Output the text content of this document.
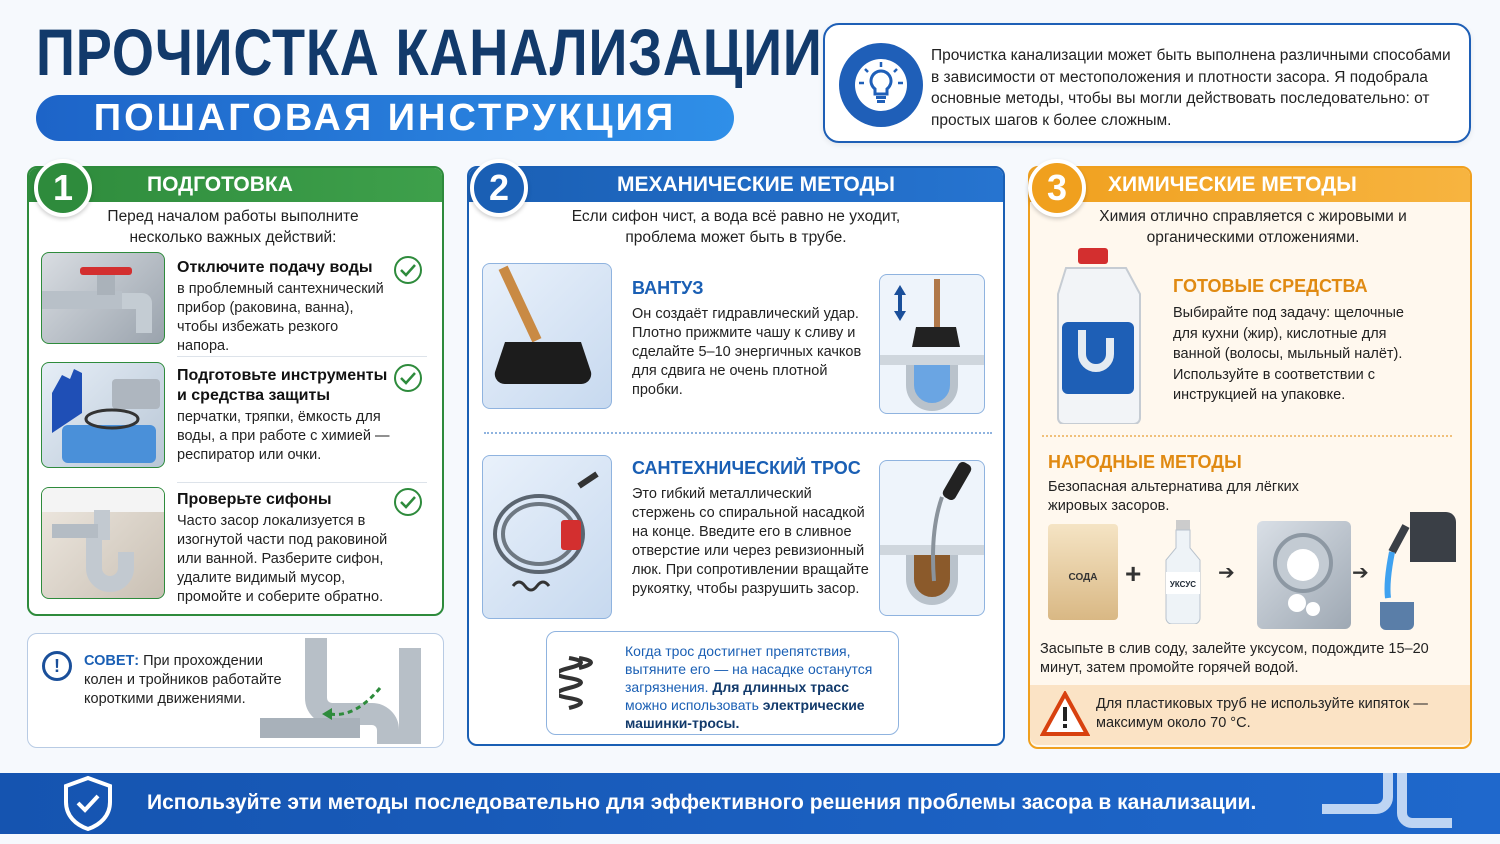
ПРОЧИСТКА КАНАЛИЗАЦИИ
ПОШАГОВАЯ ИНСТРУКЦИЯ
Прочистка канализации может быть выполнена различными способами в зависимости от местоположения и плотности засора. Я подобрала основные методы, чтобы вы могли действовать последовательно: от простых шагов к более сложным.
ПОДГОТОВКА
Перед началом работы выполните несколько важных действий:
Отключите подачу воды
в проблемный сантехнический прибор (раковина, ванна), чтобы избежать резкого напора.
Подготовьте инструменты и средства защиты
перчатки, тряпки, ёмкость для воды, а при работе с химией — респиратор или очки.
Проверьте сифоны
Часто засор локализуется в изогнутой части под раковиной или ванной. Разберите сифон, удалите видимый мусор, промойте и соберите обратно.
1
!	СОВЕТ: При прохождении колен и тройников работайте короткими движениями.
МЕХАНИЧЕСКИЕ МЕТОДЫ
Если сифон чист, а вода всё равно не уходит, проблема может быть в трубе.
ВАНТУЗ
Он создаёт гидравлический удар. Плотно прижмите чашу к сливу и сделайте 5–10 энергичных качков для сдвига не очень плотной пробки.
САНТЕХНИЧЕСКИЙ ТРОС
Это гибкий металлический стержень со спиральной насадкой на конце. Введите его в сливное отверстие или через ревизионный люк. При сопротивлении вращайте рукоятку, чтобы разрушить засор.
Когда трос достигнет препятствия, вытяните его — на насадке останутся загрязнения. Для длинных трасс можно использовать электрические машинки-тросы.
2	ХИМИЧЕСКИЕ МЕТОДЫ
Химия отлично справляется с жировыми и органическими отложениями.
ГОТОВЫЕ СРЕДСТВА
Выбирайте под задачу: щелочные для кухни (жир), кислотные для ванной (волосы, мыльный налёт). Используйте в соответствии с инструкцией на упаковке.
НАРОДНЫЕ МЕТОДЫ
Безопасная альтернатива для лёгких жировых засоров.
СОДА +	УКСУС
➔	➔
Засыпьте в слив соду, залейте уксусом, подождите 15–20 минут, затем промойте горячей водой.
Для пластиковых труб не используйте кипяток — максимум около 70 °C.
3
Используйте эти методы последовательно для эффективного решения проблемы засора в канализации.
